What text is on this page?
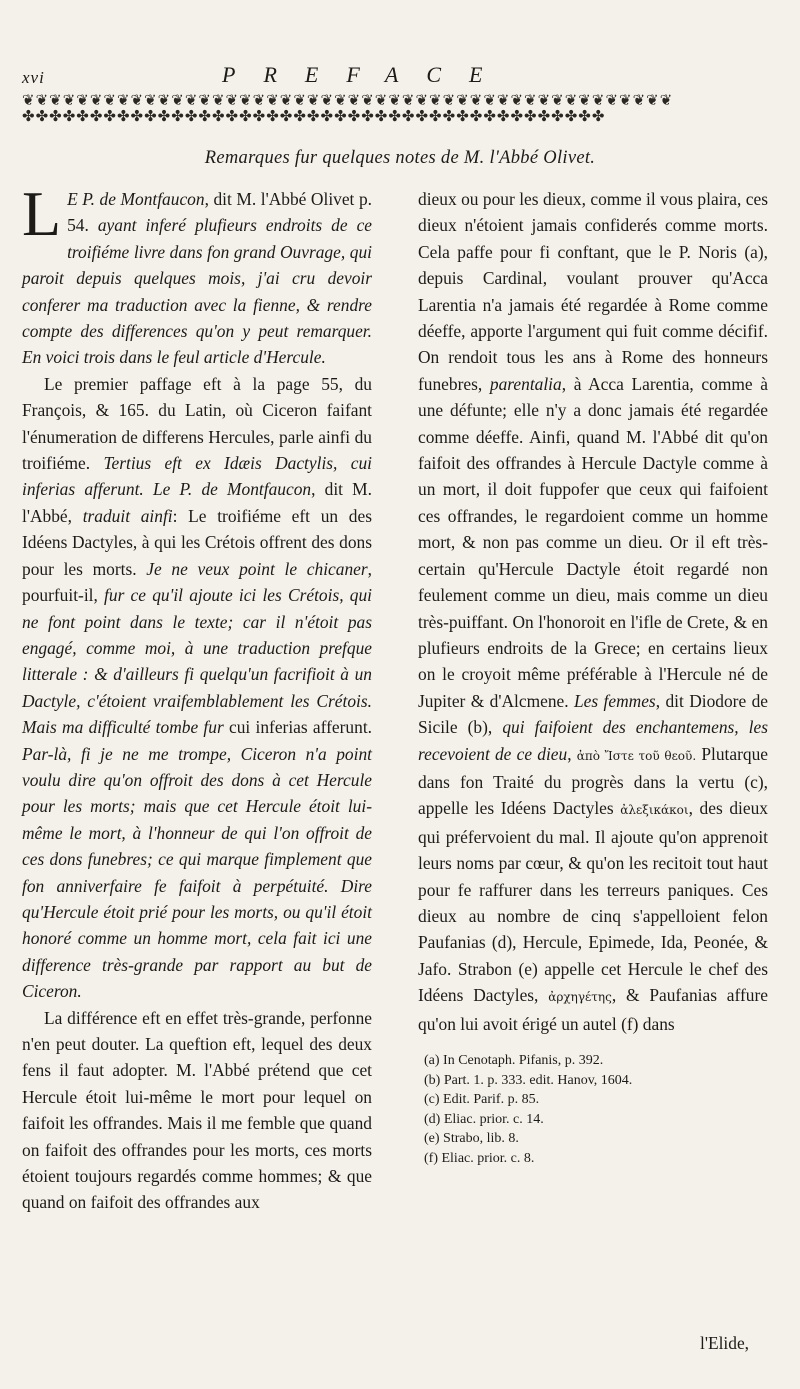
xvi	PREFACE
❦❦❦❦❦❦❦❦❦❦❦❦❦❦❦❦❦❦❦❦❦❦❦❦❦❦❦❦❦❦❦❦❦❦❦❦❦❦❦❦❦❦❦❦❦❦❦❦
✤✤✤✤✤✤✤✤✤✤✤✤✤✤✤✤✤✤✤✤✤✤✤✤✤✤✤✤✤✤✤✤✤✤✤✤✤✤✤✤✤✤✤
Remarques fur quelques notes de M. l'Abbé Olivet.

L E P. de Montfaucon, dit M. l'Abbé Olivet p. 54. ayant inferé plufieurs endroits de ce troifiéme livre dans fon grand Ouvrage, qui paroit depuis quelques mois, j'ai cru devoir conferer ma traduction avec la fienne, & rendre compte des differences qu'on y peut remarquer. En voici trois dans le feul article d'Hercule.

Le premier paffage eft à la page 55, du François, & 165. du Latin, où Ciceron faifant l'énumeration de differens Hercules, parle ainfi du troifiéme. Tertius eft ex Idæis Dactylis, cui inferias afferunt. Le P. de Montfaucon, dit M. l'Abbé, traduit ainfi: Le troifiéme eft un des Idéens Dactyles, à qui les Crétois offrent des dons pour les morts. Je ne veux point le chicaner, pourfuit-il, fur ce qu'il ajoute ici les Crétois, qui ne font point dans le texte; car il n'étoit pas engagé, comme moi, à une traduction prefque litterale : & d'ailleurs fi quelqu'un facrifioit à un Dactyle, c'étoient vraifemblablement les Crétois. Mais ma difficulté tombe fur cui inferias afferunt. Par-là, fi je ne me trompe, Ciceron n'a point voulu dire qu'on offroit des dons à cet Hercule pour les morts; mais que cet Hercule étoit lui-même le mort, à l'honneur de qui l'on offroit de ces dons funebres; ce qui marque fimplement que fon anniverfaire fe faifoit à perpétuité. Dire qu'Hercule étoit prié pour les morts, ou qu'il étoit honoré comme un homme mort, cela fait ici une difference très-grande par rapport au but de Ciceron.

La différence eft en effet très-grande, perfonne n'en peut douter. La queftion eft, lequel des deux fens il faut adopter. M. l'Abbé prétend que cet Hercule étoit lui-même le mort pour lequel on faifoit les offrandes. Mais il me femble que quand on faifoit des offrandes pour les morts, ces morts étoient toujours regardés comme hommes; & que quand on faifoit des offrandes aux

dieux ou pour les dieux, comme il vous plaira, ces dieux n'étoient jamais confiderés comme morts. Cela paffe pour fi conftant, que le P. Noris (a), depuis Cardinal, voulant prouver qu'Acca Larentia n'a jamais été regardée à Rome comme déeffe, apporte l'argument qui fuit comme décifif. On rendoit tous les ans à Rome des honneurs funebres, parentalia, à Acca Larentia, comme à une défunte; elle n'y a donc jamais été regardée comme déeffe. Ainfi, quand M. l'Abbé dit qu'on faifoit des offrandes à Hercule Dactyle comme à un mort, il doit fuppofer que ceux qui faifoient ces offrandes, le regardoient comme un homme mort, & non pas comme un dieu. Or il eft très-certain qu'Hercule Dactyle étoit regardé non feulement comme un dieu, mais comme un dieu très-puiffant. On l'honoroit en l'ifle de Crete, & en plufieurs endroits de la Grece; en certains lieux on le croyoit même préférable à l'Hercule né de Jupiter & d'Alcmene. Les femmes, dit Diodore de Sicile (b), qui faifoient des enchantemens, les recevoient de ce dieu, ἀπὸ Ἴστε τοῦ θεοῦ. Plutarque dans fon Traité du progrès dans la vertu (c), appelle les Idéens Dactyles ἀλεξικάκοι, des dieux qui préfervoient du mal. Il ajoute qu'on apprenoit leurs noms par cœur, & qu'on les recitoit tout haut pour fe raffurer dans les terreurs paniques. Ces dieux au nombre de cinq s'appelloient felon Paufanias (d), Hercule, Epimede, Ida, Peonée, & Jafo. Strabon (e) appelle cet Hercule le chef des Idéens Dactyles, ἀρχηγέτης, & Paufanias affure qu'on lui avoit érigé un autel (f) dans

(a) In Cenotaph. Pifanis, p. 392.
(b) Part. 1. p. 333. edit. Hanov, 1604.
(c) Edit. Parif. p. 85.
(d) Eliac. prior. c. 14.
(e) Strabo, lib. 8.
(f) Eliac. prior. c. 8.
l'Elide,
